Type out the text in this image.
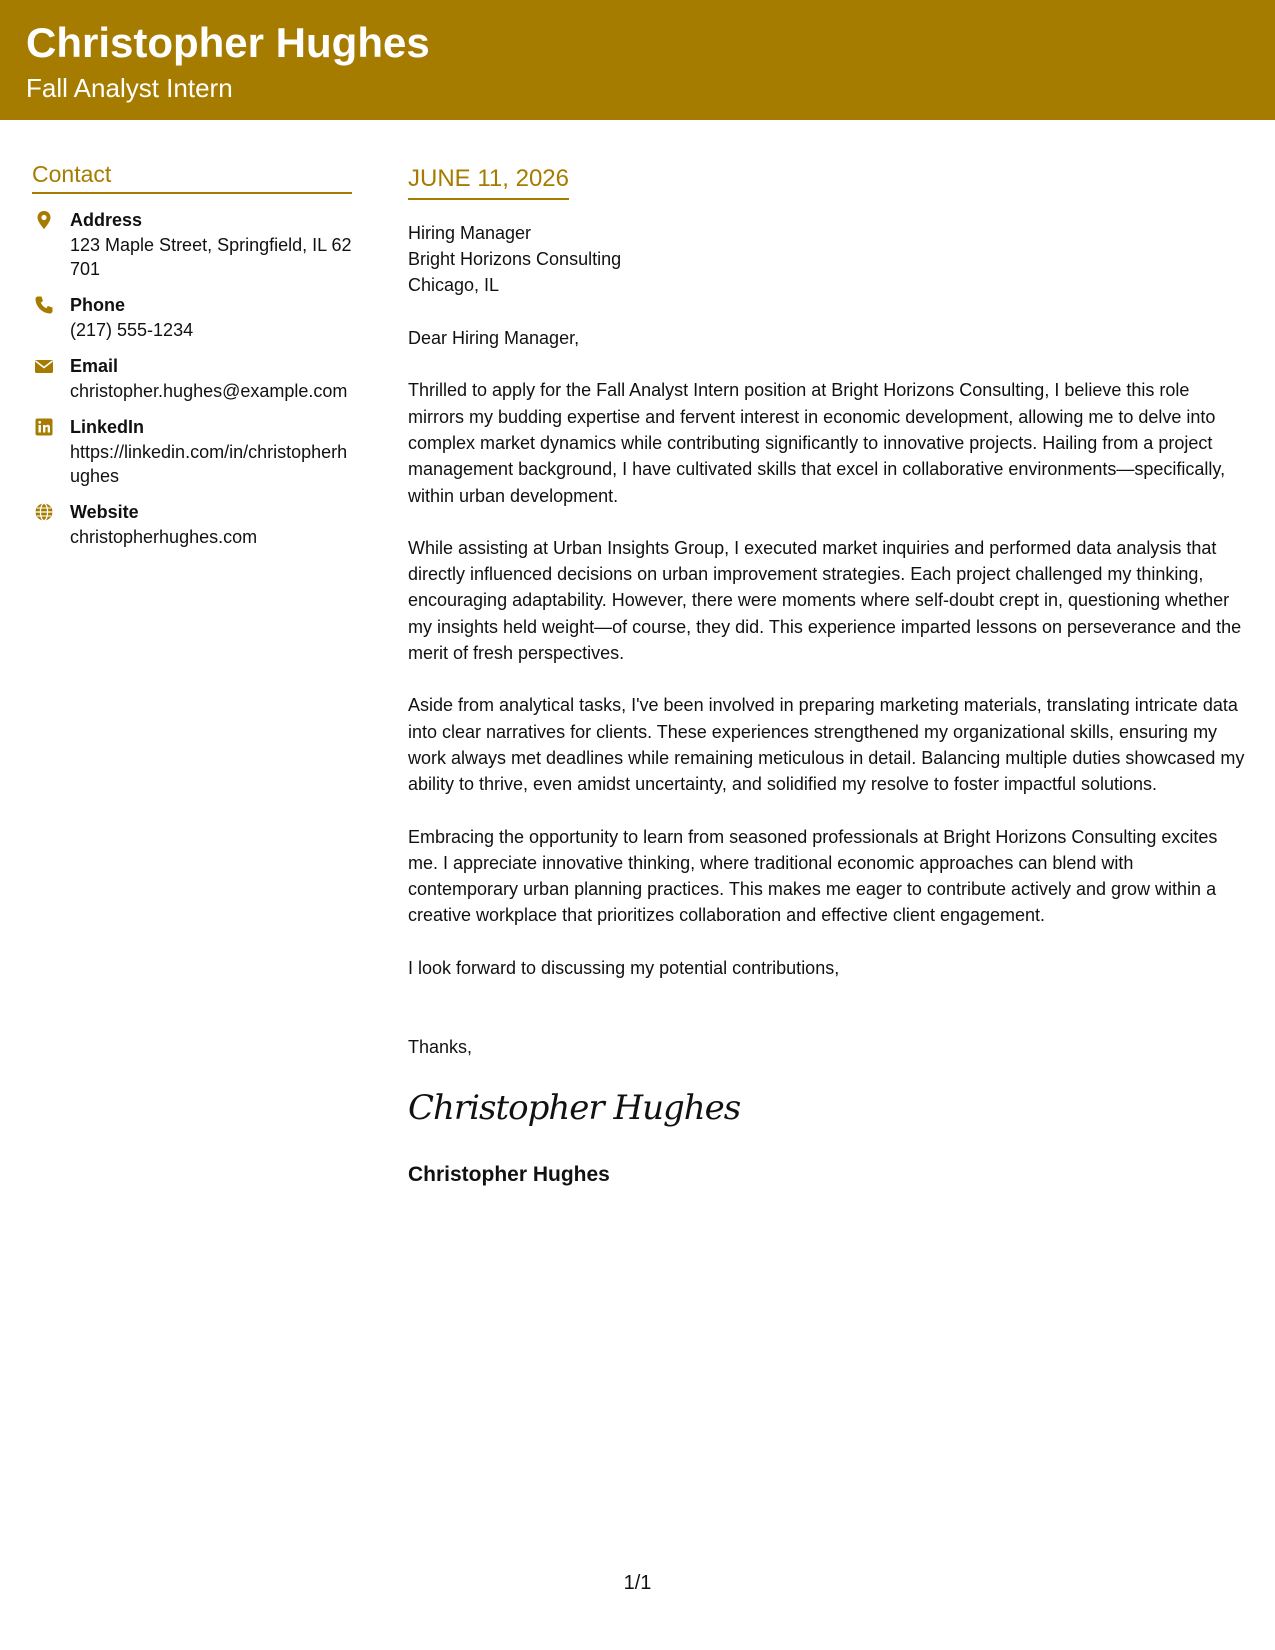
Christopher Hughes
Fall Analyst Intern
Contact
Address
123 Maple Street, Springfield, IL 62701
Phone
(217) 555-1234
Email
christopher.hughes@example.com
LinkedIn
https://linkedin.com/in/christopherhughes
Website
christopherhughes.com
JUNE 11, 2026
Hiring Manager
Bright Horizons Consulting
Chicago, IL
Dear Hiring Manager,
Thrilled to apply for the Fall Analyst Intern position at Bright Horizons Consulting, I believe this role mirrors my budding expertise and fervent interest in economic development, allowing me to delve into complex market dynamics while contributing significantly to innovative projects. Hailing from a project management background, I have cultivated skills that excel in collaborative environments—specifically, within urban development.
While assisting at Urban Insights Group, I executed market inquiries and performed data analysis that directly influenced decisions on urban improvement strategies. Each project challenged my thinking, encouraging adaptability. However, there were moments where self-doubt crept in, questioning whether my insights held weight—of course, they did. This experience imparted lessons on perseverance and the merit of fresh perspectives.
Aside from analytical tasks, I've been involved in preparing marketing materials, translating intricate data into clear narratives for clients. These experiences strengthened my organizational skills, ensuring my work always met deadlines while remaining meticulous in detail. Balancing multiple duties showcased my ability to thrive, even amidst uncertainty, and solidified my resolve to foster impactful solutions.
Embracing the opportunity to learn from seasoned professionals at Bright Horizons Consulting excites me. I appreciate innovative thinking, where traditional economic approaches can blend with contemporary urban planning practices. This makes me eager to contribute actively and grow within a creative workplace that prioritizes collaboration and effective client engagement.
I look forward to discussing my potential contributions,
Thanks,
Christopher Hughes
Christopher Hughes
1/1
